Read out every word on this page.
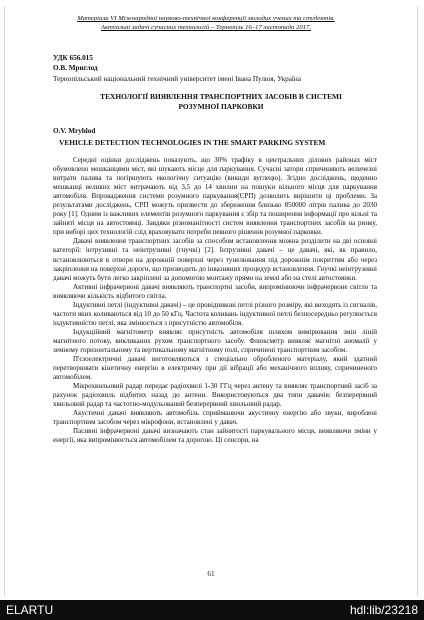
Матеріали VI Міжнародної науково-технічної конференції молодих учених та студентів.
Актуальні задачі сучасних технологій – Тернопіль 16–17 листопада 2017.
УДК 656.015
О.В. Мриглод
Тернопільський національний технічний університет імені Івана Пулюя, Україна
ТЕХНОЛОГІЇ ВИЯВЛЕННЯ ТРАНСПОРТНИХ ЗАСОБІВ В СИСТЕМІ РОЗУМНОЇ ПАРКОВКИ
O.V. Mryhlod
VEHICLE DETECTION TECHNOLOGIES IN THE SMART PARKING SYSTEM

Середні оцінки досліджень показують, що 30% трафіку в центральних ділових районах міст обумовлено мешканцями міст, які шукають місце для паркування. Сучасні затори спричиняють величезні витрати палива та погіршують екологічну ситуацію (викиди вуглецю). Згідно досліджень, щоденно мешканці великих міст витрачають від 3,5 до 14 хвилин на пошуки вільного місця для паркування автомобіля. Впровадження системи розумного паркування(СРП) дозволить вирішити ці проблеми. За результатами досліджень, СРП можуть призвести до збереження близько 850000 літрів палива до 2030 року [1]. Одним із важливих елементів розумного паркування є збір та поширення інформації про вільні та зайняті місця на автостоянці. Завдяки різноманітності систем виявлення транспортних засобів на ринку, при виборі цих технологій слід враховувати потреби певного рішення розумної парковки.

Давачі виявлення транспортних засобів за способом встановлення можна розділити на дві основні категорії: інтрузивні та неінтрузивні (гнучкі) [2]. Інтрузивні давачі – це давачі, які, як правило, встановлюються в отвори на дорожній поверхні через тунелювання під дорожнім покриттям або через закріплення на поверхні дороги, що призводить до інвазивних процедур встановлення. Гнучкі неінтрузивні давачі можуть бути легко закріплені за допомогою монтажу прямо на землі або на стелі автостоянки.

Активні інфрачервоні давачі виявляють транспортні засоби, випромінюючи інфрачервоне світло та виявляючи кількість відбитого світла.

Індуктивні петлі (індуктивні давачі) – це провідникові петлі різного розміру, які виходять із сигналів, частоти яких коливаються від 10 до 50 кГц. Частота коливань індуктивної петлі безпосередньо регулюється індуктивністю петлі, яка змінюється з присутністю автомобіля.

Індукційний магнітометр виявляє присутність автомобіля шляхом вимірювання змін ліній магнітного потоку, викликаних рухом транспортного засобу. Флюксметр виявляє магнітні аномалії у земному горизонтальному та вертикальному магнітному полі, спричинені транспортним засобом.

П'єзоелектричні давачі виготовляються з спеціально обробленого матеріалу, який здатний перетворювати кінетичну енергію в електричну при дії вібрації або механічного впливу, спричиненого автомобілем.

Мікрохвильовий радар передає радіохвилі 1-30 ГГц через антену та виявляє транспортний засіб за рахунок радіохвиль відбитих назад до антени. Використовуються два типи давачів: безперервний хвильовий радар та частотно-модульований безперервний хвильовий радар.

Акустичні давачі виявляють автомобіль сприйманючи акустичну енергію або звуки, вироблені транспортним засобом через мікрофони, встановлені у давач.

Пасивні інфрачервоні давачі визначають стан зайнятості паркувального місця, виявляючи зміни у енергії, яка випромінюється автомобілем та дорогою. Ці сенсори, на

61
ELARTU	hdl:lib/23218
